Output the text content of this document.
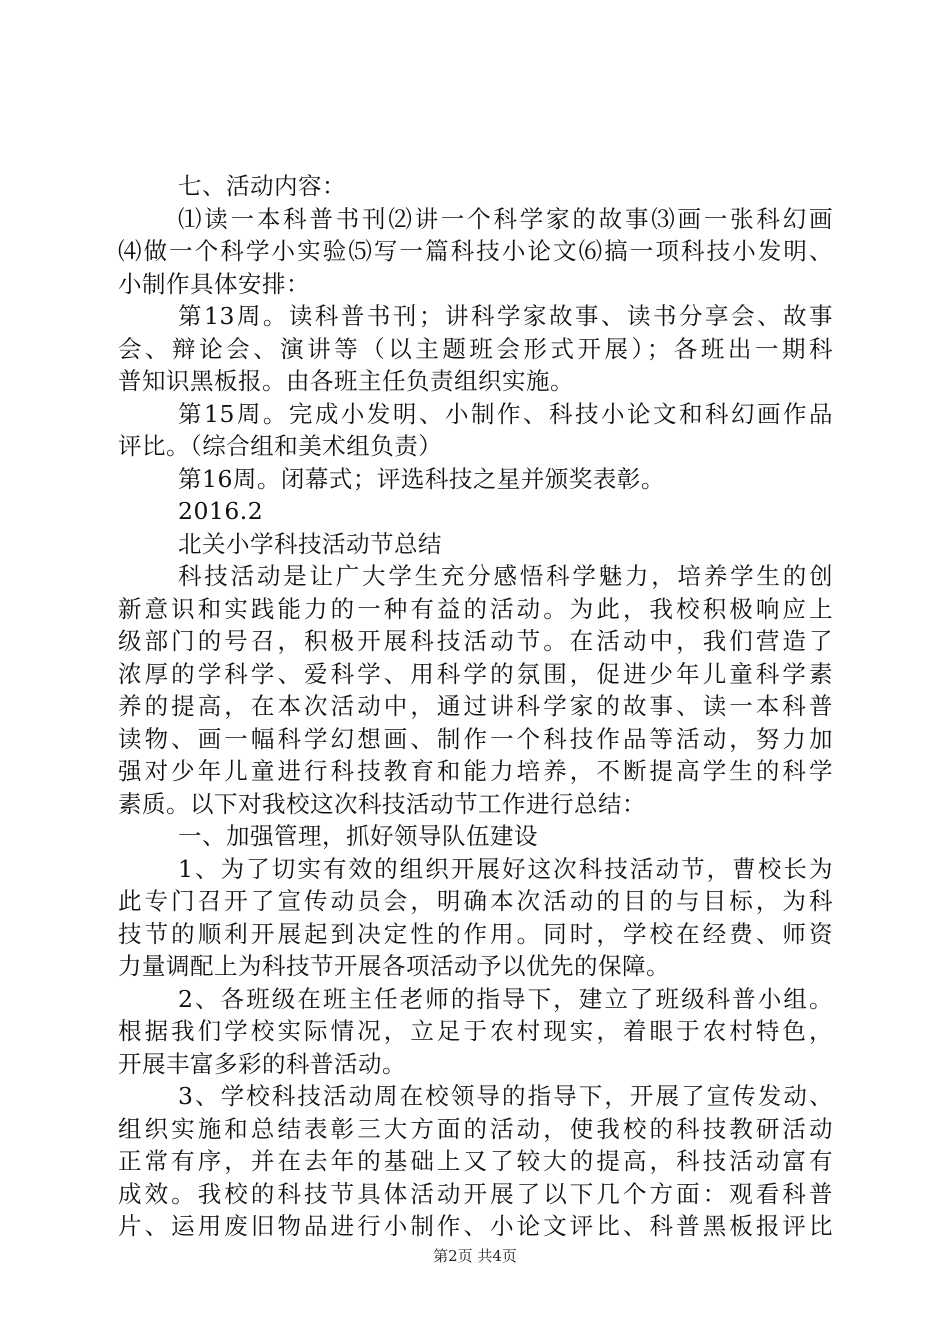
七、活动内容：
⑴读一本科普书刊⑵讲一个科学家的故事⑶画一张科幻画
⑷做一个科学小实验⑸写一篇科技小论文⑹搞一项科技小发明、
小制作具体安排：
第13周。读科普书刊；讲科学家故事、读书分享会、故事
会、辩论会、演讲等（以主题班会形式开展）；各班出一期科
普知识黑板报。由各班主任负责组织实施。
第15周。完成小发明、小制作、科技小论文和科幻画作品
评比。（综合组和美术组负责）
第16周。闭幕式；评选科技之星并颁奖表彰。
2016.2
北关小学科技活动节总结
科技活动是让广大学生充分感悟科学魅力，培养学生的创
新意识和实践能力的一种有益的活动。为此，我校积极响应上
级部门的号召，积极开展科技活动节。在活动中，我们营造了
浓厚的学科学、爱科学、用科学的氛围，促进少年儿童科学素
养的提高，在本次活动中，通过讲科学家的故事、读一本科普
读物、画一幅科学幻想画、制作一个科技作品等活动，努力加
强对少年儿童进行科技教育和能力培养，不断提高学生的科学
素质。以下对我校这次科技活动节工作进行总结：
一、加强管理，抓好领导队伍建设
1、为了切实有效的组织开展好这次科技活动节，曹校长为
此专门召开了宣传动员会，明确本次活动的目的与目标，为科
技节的顺利开展起到决定性的作用。同时，学校在经费、师资
力量调配上为科技节开展各项活动予以优先的保障。
2、各班级在班主任老师的指导下，建立了班级科普小组。
根据我们学校实际情况，立足于农村现实，着眼于农村特色，
开展丰富多彩的科普活动。
3、学校科技活动周在校领导的指导下，开展了宣传发动、
组织实施和总结表彰三大方面的活动，使我校的科技教研活动
正常有序，并在去年的基础上又了较大的提高，科技活动富有
成效。我校的科技节具体活动开展了以下几个方面：观看科普
片、运用废旧物品进行小制作、小论文评比、科普黑板报评比
第2页 共4页
